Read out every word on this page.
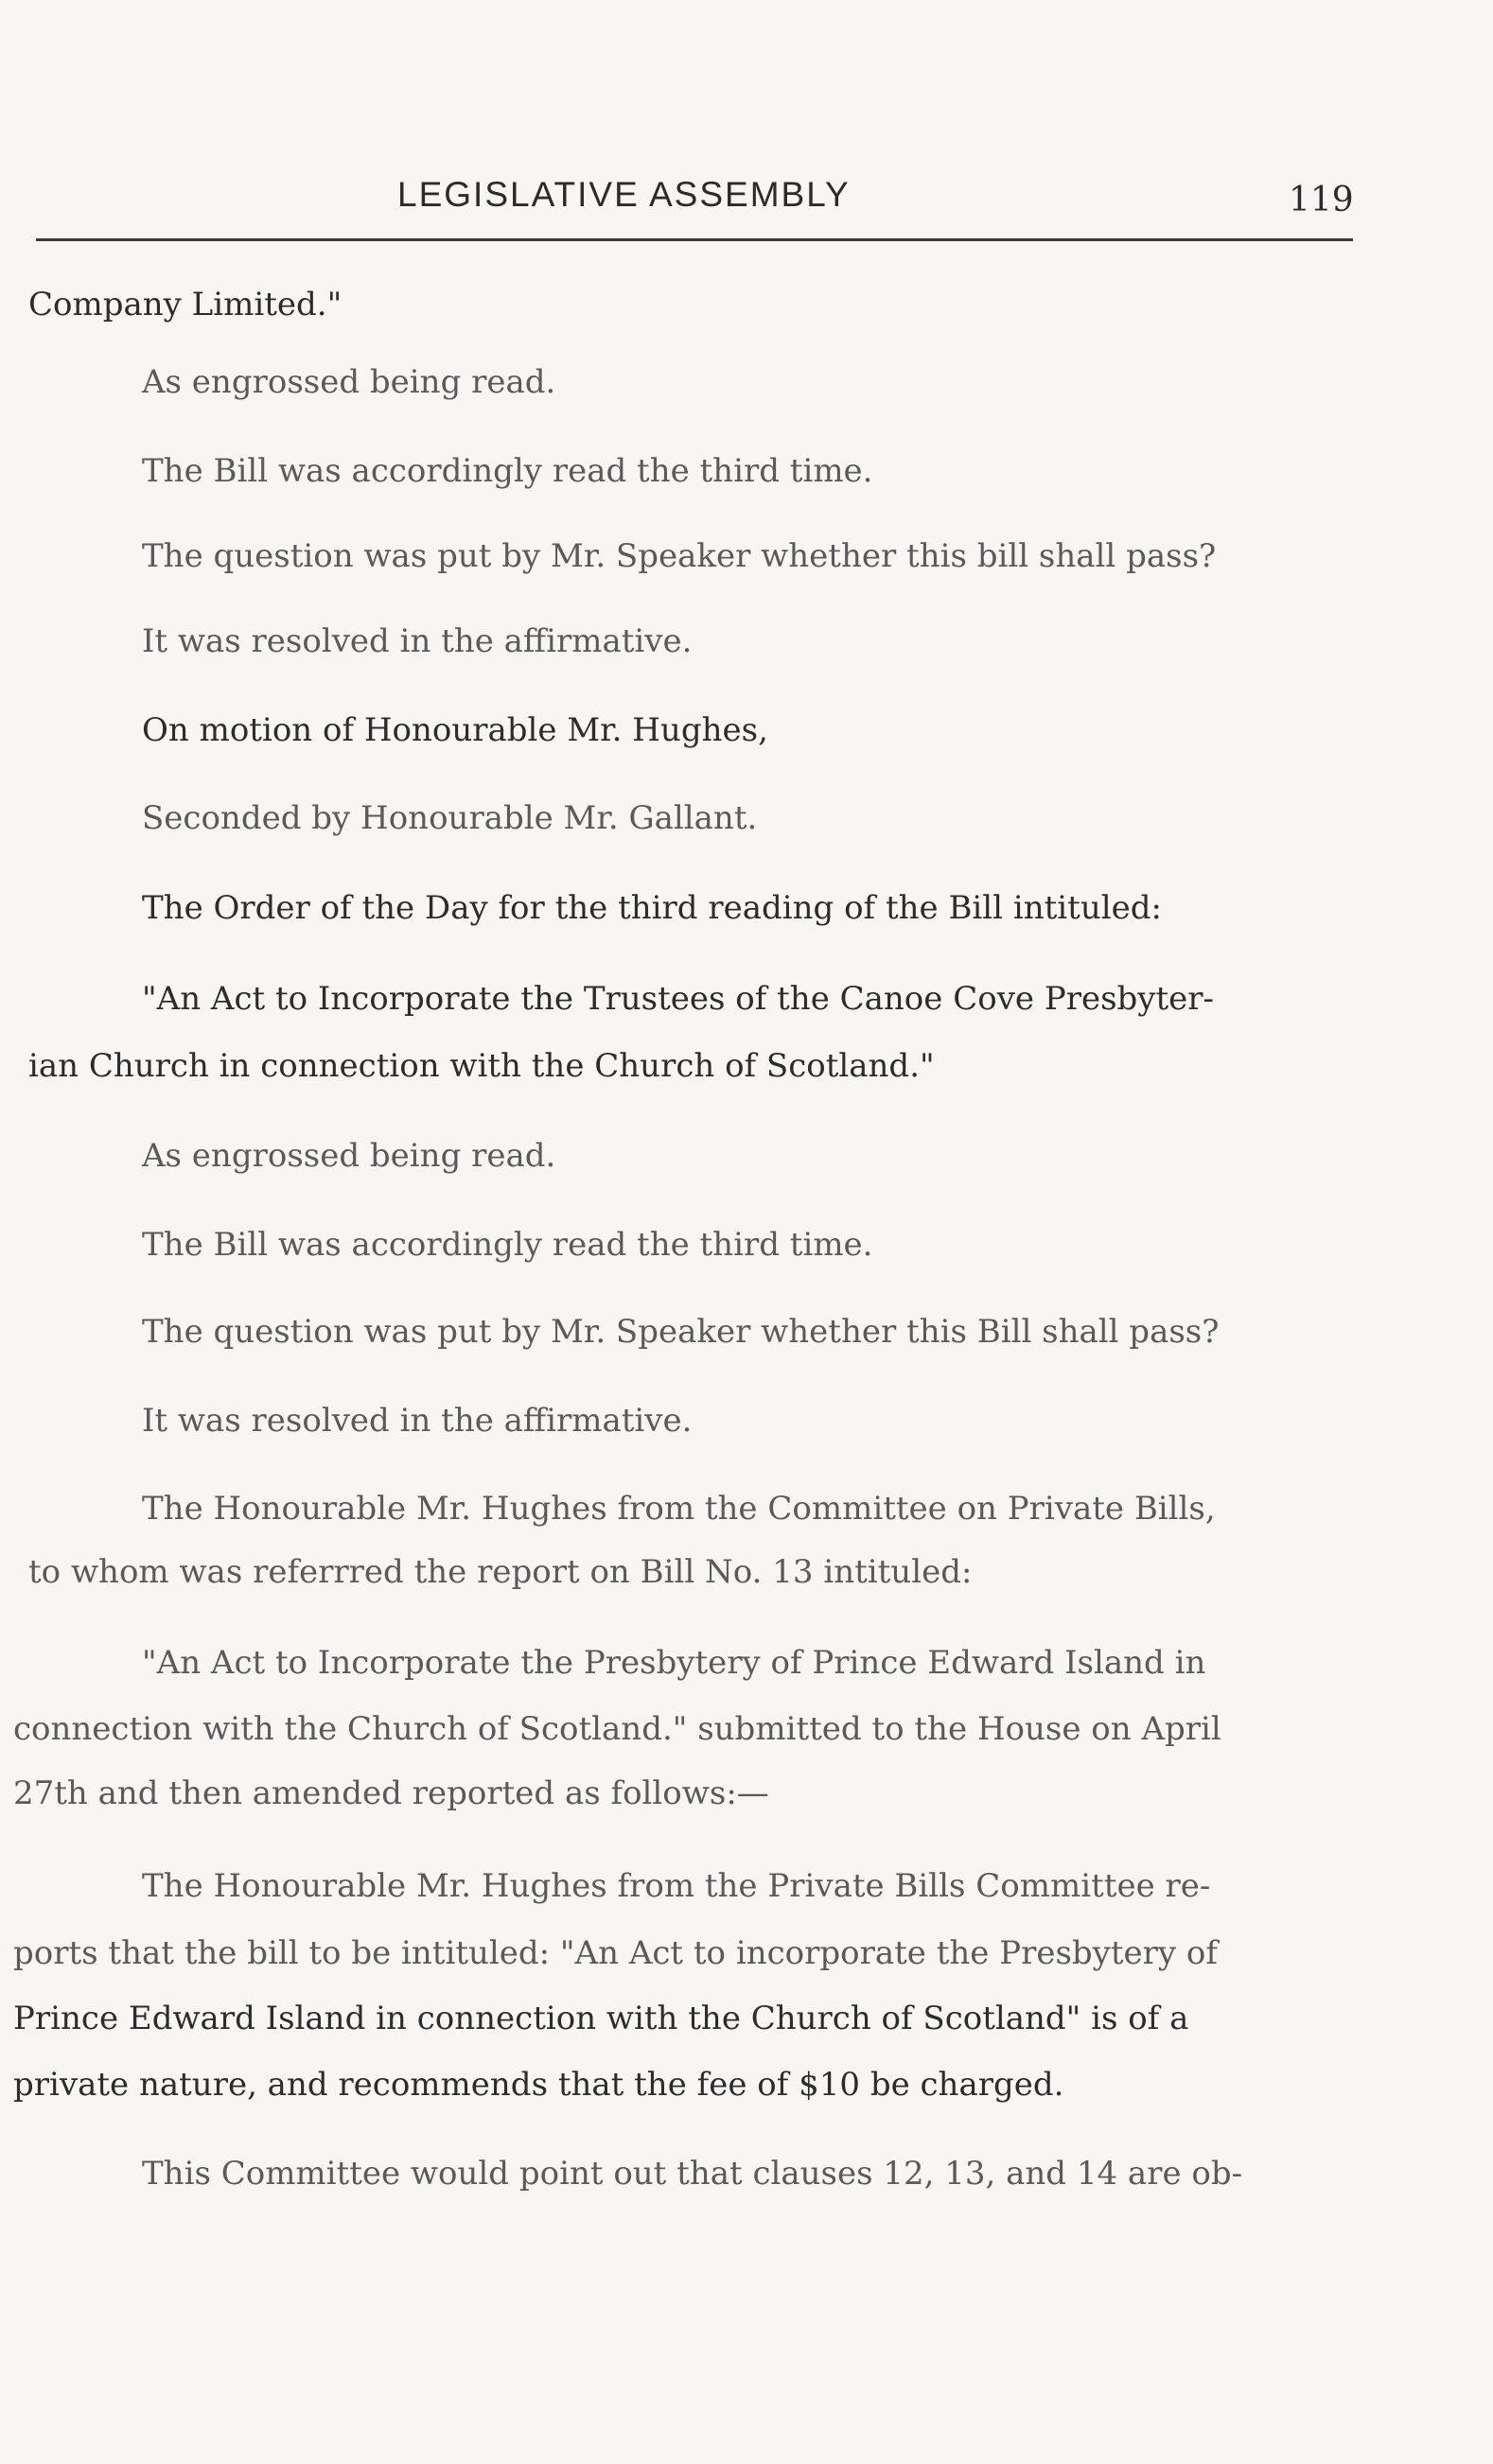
LEGISLATIVE ASSEMBLY	119
Company Limited."
As engrossed being read.
The Bill was accordingly read the third time.
The question was put by Mr. Speaker whether this bill shall pass?
It was resolved in the affirmative.
On motion of Honourable Mr. Hughes,
Seconded by Honourable Mr. Gallant.
The Order of the Day for the third reading of the Bill intituled:
"An Act to Incorporate the Trustees of the Canoe Cove Presbyter-
ian Church in connection with the Church of Scotland."
As engrossed being read.
The Bill was accordingly read the third time.
The question was put by Mr. Speaker whether this Bill shall pass?
It was resolved in the affirmative.
The Honourable Mr. Hughes from the Committee on Private Bills,
to whom was referrred the report on Bill No. 13 intituled:
"An Act to Incorporate the Presbytery of Prince Edward Island in
connection with the Church of Scotland." submitted to the House on April
27th and then amended reported as follows:—
The Honourable Mr. Hughes from the Private Bills Committee re-
ports that the bill to be intituled: "An Act to incorporate the Presbytery of
Prince Edward Island in connection with the Church of Scotland" is of a
private nature, and recommends that the fee of $10 be charged.
This Committee would point out that clauses 12, 13, and 14 are ob-
